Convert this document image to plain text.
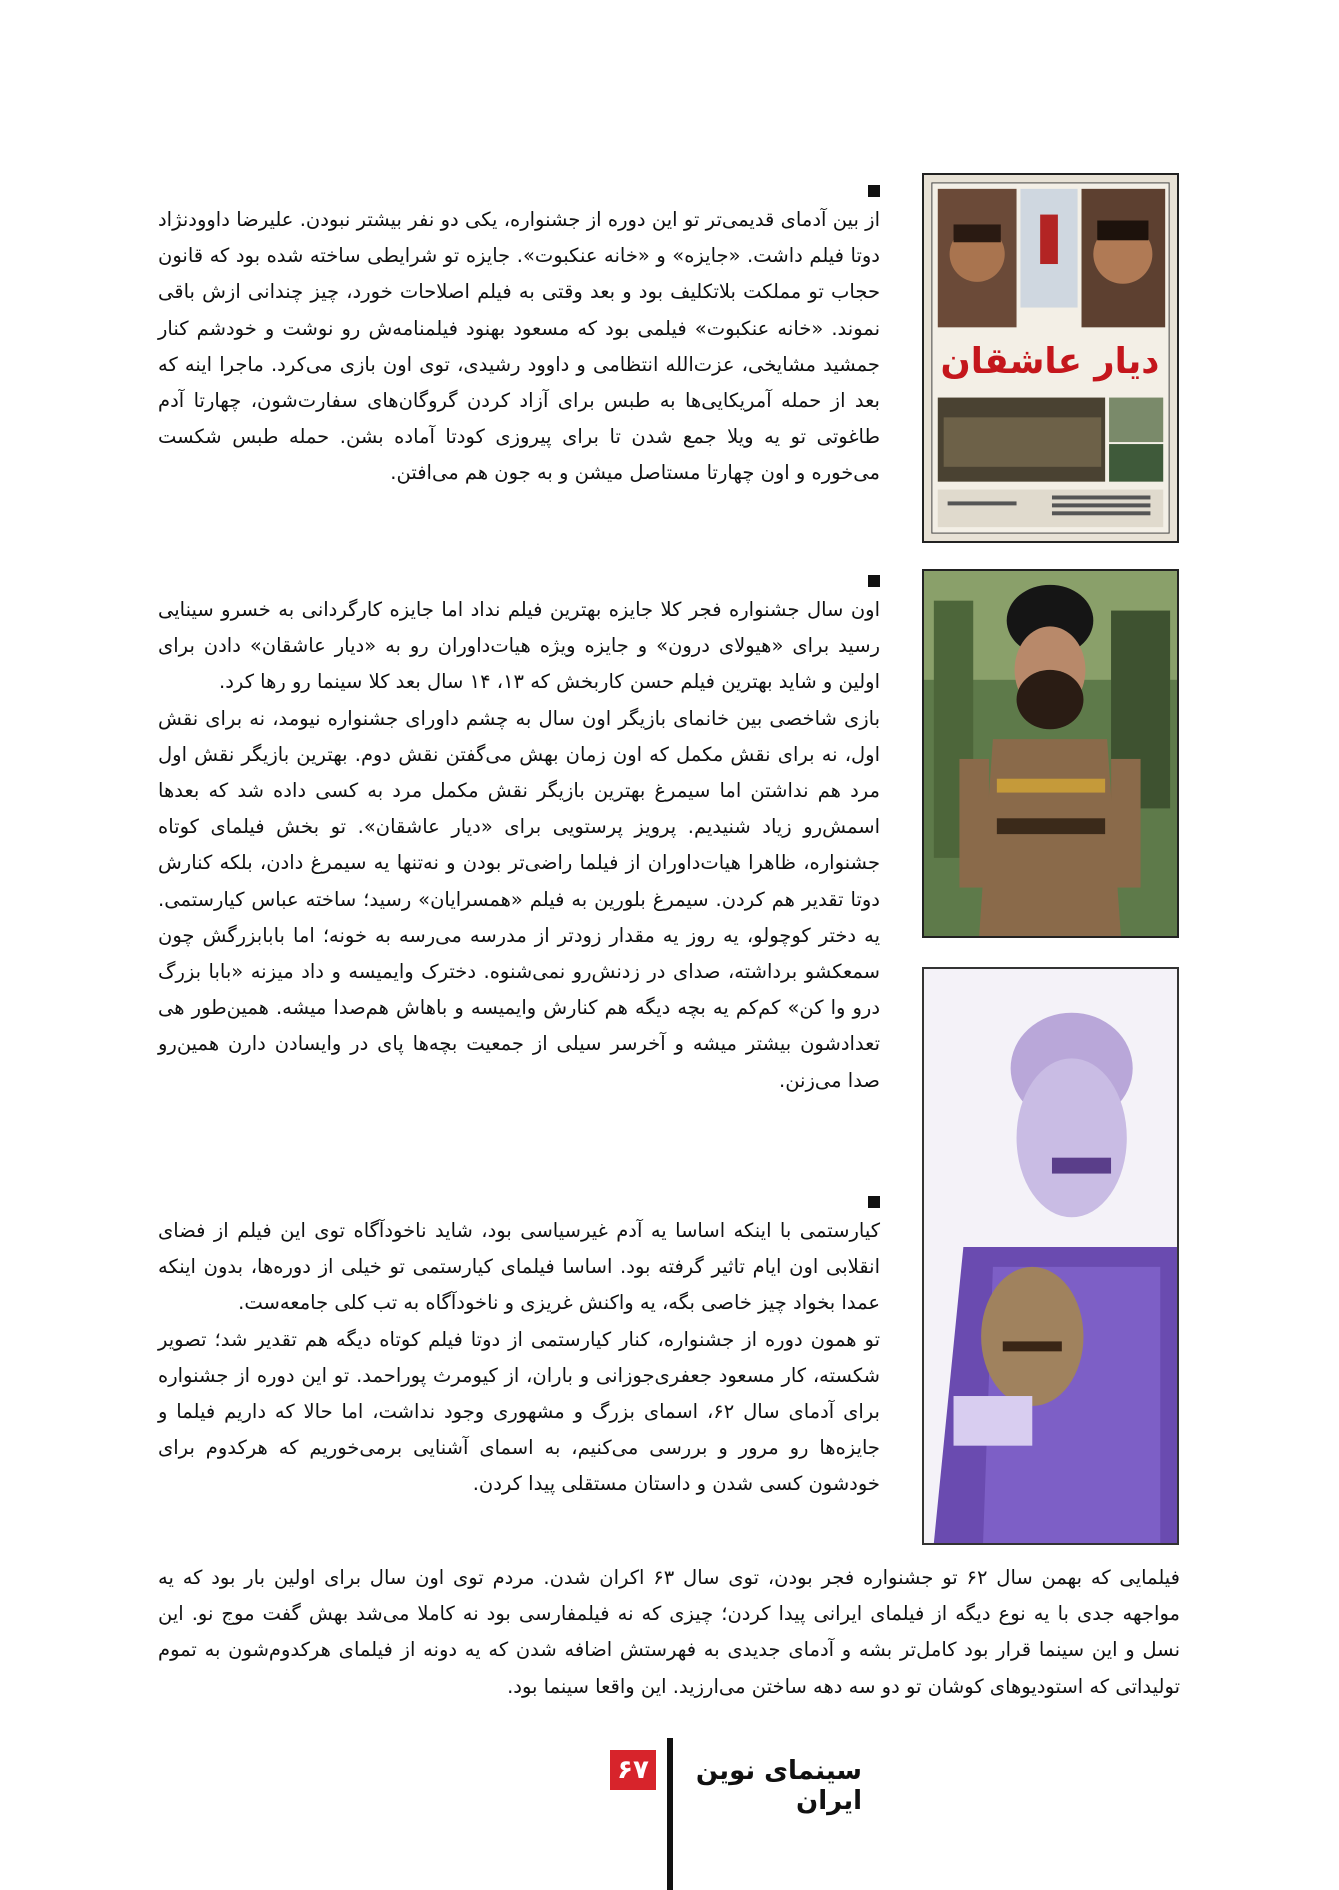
دیار عاشقان

از بین آدمای قدیمی‌تر تو این دوره از جشنواره، یکی دو نفر بیشتر نبودن. علیرضا داوودنژاد دوتا فیلم داشت. «جایزه» و «خانه عنکبوت». جایزه تو شرایطی ساخته شده بود که قانون حجاب تو مملکت بلاتکلیف بود و بعد وقتی به فیلم اصلاحات خورد، چیز چندانی ازش باقی نموند. «خانه عنکبوت» فیلمی بود که مسعود بهنود فیلمنامه‌ش رو نوشت و خودشم کنار جمشید مشایخی، عزت‌الله انتظامی و داوود رشیدی، توی اون بازی می‌کرد. ماجرا اینه که بعد از حمله آمریکایی‌ها به طبس برای آزاد کردن گروگان‌های سفارت‌شون، چهارتا آدم طاغوتی تو یه ویلا جمع شدن تا برای پیروزی کودتا آماده بشن. حمله طبس شکست می‌خوره و اون چهارتا مستاصل میشن و به جون هم می‌افتن.

اون سال جشنواره فجر کلا جایزه بهترین فیلم نداد اما جایزه کارگردانی به خسرو سینایی رسید برای «هیولای درون» و جایزه ویژه هیات‌داوران رو به «دیار عاشقان» دادن برای اولین و شاید بهترین فیلم حسن کاربخش که ۱۳، ۱۴ سال بعد کلا سینما رو رها کرد.

بازی شاخصی بین خانمای بازیگر اون سال به چشم داورای جشنواره نیومد، نه برای نقش اول، نه برای نقش مکمل که اون زمان بهش می‌گفتن نقش دوم. بهترین بازیگر نقش اول مرد هم نداشتن اما سیمرغ بهترین بازیگر نقش مکمل مرد به کسی داده شد که بعدها اسمش‌رو زیاد شنیدیم. پرویز پرستویی برای «دیار عاشقان». تو بخش فیلمای کوتاه جشنواره، ظاهرا هیات‌داوران از فیلما راضی‌تر بودن و نه‌تنها یه سیمرغ دادن، بلکه کنارش دوتا تقدیر هم کردن. سیمرغ بلورین به فیلم «همسرایان» رسید؛ ساخته عباس کیارستمی. یه دختر کوچولو، یه روز یه مقدار زودتر از مدرسه می‌رسه به خونه؛ اما بابابزرگش چون سمعکشو برداشته، صدای در زدنش‌رو نمی‌شنوه. دخترک وایمیسه و داد میزنه «بابا بزرگ درو وا کن» کم‌کم یه بچه دیگه هم کنارش وایمیسه و باهاش هم‌صدا میشه. همین‌طور هی تعدادشون بیشتر میشه و آخرسر سیلی از جمعیت بچه‌ها پای در وایسادن دارن همین‌رو صدا می‌زنن.

کیارستمی با اینکه اساسا یه آدم غیرسیاسی بود، شاید ناخودآگاه توی این فیلم از فضای انقلابی اون ایام تاثیر گرفته بود. اساسا فیلمای کیارستمی تو خیلی از دوره‌ها، بدون اینکه عمدا بخواد چیز خاصی بگه، یه واکنش غریزی و ناخودآگاه به تب کلی جامعه‌ست.

تو همون دوره از جشنواره، کنار کیارستمی از دوتا فیلم کوتاه دیگه هم تقدیر شد؛ تصویر شکسته، کار مسعود جعفری‌جوزانی و باران، از کیومرث پوراحمد. تو این دوره از جشنواره برای آدمای سال ۶۲، اسمای بزرگ و مشهوری وجود نداشت، اما حالا که داریم فیلما و جایزه‌ها رو مرور و بررسی می‌کنیم، به اسمای آشنایی برمی‌خوریم که هرکدوم برای خودشون کسی شدن و داستان مستقلی پیدا کردن.

فیلمایی که بهمن سال ۶۲ تو جشنواره فجر بودن، توی سال ۶۳ اکران شدن. مردم توی اون سال برای اولین بار بود که یه مواجهه جدی با یه نوع دیگه از فیلمای ایرانی پیدا کردن؛ چیزی که نه فیلمفارسی بود نه کاملا می‌شد بهش گفت موج نو. این نسل و این سینما قرار بود کامل‌تر بشه و آدمای جدیدی به فهرستش اضافه شدن که یه دونه از فیلمای هرکدوم‌شون به تموم تولیداتی که استودیوهای کوشان تو دو سه دهه ساختن می‌ارزید. این واقعا سینما بود.

سینمای نوین ایران
۶۷
